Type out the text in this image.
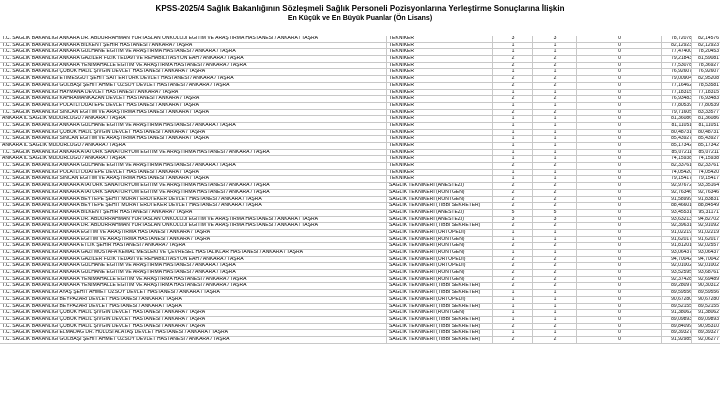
KPSS-2025/4 Sağlık Bakanlığının Sözleşmeli Sağlık Personeli Pozisyonlarına Yerleştirme Sonuçlarına İlişkin
En Küçük ve En Büyük Puanlar (Ön Lisans)
T.C. SAĞLIK BAKANLIĞI ANKARA DR. ABDURRAHMAN YURTASLAN ONKOLOJİ EĞİTİM VE ARAŞTIRMA HASTANESİ / ANKARA / TAŞRA	TEKNİKER	3	3	0	78,72078	82,14576
T.C. SAĞLIK BAKANLIĞI ANKARA BİLKENT ŞEHİR HASTANESİ / ANKARA / TAŞRA	TEKNİKER	1	1	0	82,12923	82,12923
T.C. SAĞLIK BAKANLIĞI ANKARA GÜLHANE EĞİTİM VE ARAŞTIRMA HASTANESİ / ANKARA / TAŞRA	TEKNİKER	1	1	0	77,47400	78,20453
T.C. SAĞLIK BAKANLIĞI ANKARA GAZİLER FİZİK TEDAVİ VE REHABİLİTASYON EAH / ANKARA / TAŞRA	TEKNİKER	2	2	0	79,21843	81,59081
T.C. SAĞLIK BAKANLIĞI ANKARA YENİMAHALLE EĞİTİM VE ARAŞTIRMA HASTANESİ / ANKARA / TAŞRA	TEKNİKER	2	2	0	77,53078	78,36927
T.C. SAĞLIK BAKANLIĞI ÇUBUK HALİL ŞIVGIN DEVLET HASTANESİ / ANKARA / TAŞRA	TEKNİKER	1	1	0	76,92607	76,92607
T.C. SAĞLIK BAKANLIĞI ETİMESGUT ŞEHİT SAİT ERTÜRK DEVLET HASTANESİ / ANKARA / TAŞRA	TEKNİKER	2	2	0	79,00904	82,95208
T.C. SAĞLIK BAKANLIĞI GÖLBAŞI ŞEHİT AHMET ÖZSOY DEVLET HASTANESİ / ANKARA / TAŞRA	TEKNİKER	2	2	0	77,16462	78,53581
T.C. SAĞLIK BAKANLIĞI HAYMANA DEVLET HASTANESİ / ANKARA / TAŞRA	TEKNİKER	1	1	0	77,18315	77,18315
T.C. SAĞLIK BAKANLIĞI KAHRAMANKAZAN DEVLET HASTANESİ / ANKARA / TAŞRA	TEKNİKER	2	2	0	76,93483	76,93483
T.C. SAĞLIK BAKANLIĞI POLATLI DUATEPE DEVLET HASTANESİ / ANKARA / TAŞRA	TEKNİKER	1	1	0	77,80539	77,80539
T.C. SAĞLIK BAKANLIĞI SİNCAN EĞİTİM VE ARAŞTIRMA HASTANESİ / ANKARA / TAŞRA	TEKNİKER	2	2	0	79,71605	83,33577
ANKARA İL SAĞLIK MÜDÜRLÜĞÜ / ANKARA / TAŞRA	TEKNİKER	1	1	0	81,36086	81,36086
T.C. SAĞLIK BAKANLIĞI ANKARA GÜLHANE EĞİTİM VE ARAŞTIRMA HASTANESİ / ANKARA / TAŞRA	TEKNİKER	1	1	0	81,11051	81,11051
T.C. SAĞLIK BAKANLIĞI ÇUBUK HALİL ŞIVGIN DEVLET HASTANESİ / ANKARA / TAŞRA	TEKNİKER	1	1	0	80,48731	80,48731
T.C. SAĞLIK BAKANLIĞI SİNCAN EĞİTİM VE ARAŞTIRMA HASTANESİ / ANKARA / TAŞRA	TEKNİKER	1	1	0	85,43927	85,43927
ANKARA İL SAĞLIK MÜDÜRLÜĞÜ / ANKARA / TAŞRA	TEKNİKER	1	1	0	85,17342	85,17342
T.C. SAĞLIK BAKANLIĞI ANKARA ATATÜRK SANATORYUM EĞİTİM VE ARAŞTIRMA HASTANESİ / ANKARA / TAŞRA	TEKNİKER	1	1	0	85,07211	85,07211
ANKARA İL SAĞLIK MÜDÜRLÜĞÜ / ANKARA / TAŞRA	TEKNİKER	1	1	0	74,15938	74,15938
T.C. SAĞLIK BAKANLIĞI ANKARA GÜLHANE EĞİTİM VE ARAŞTIRMA HASTANESİ / ANKARA / TAŞRA	TEKNİKER	2	2	0	82,33761	82,33761
T.C. SAĞLIK BAKANLIĞI POLATLI DUATEPE DEVLET HASTANESİ / ANKARA / TAŞRA	TEKNİKER	1	1	0	74,05420	74,05420
T.C. SAĞLIK BAKANLIĞI SİNCAN EĞİTİM VE ARAŞTIRMA HASTANESİ / ANKARA / TAŞRA	TEKNİKER	1	1	0	79,15417	79,15417
T.C. SAĞLIK BAKANLIĞI ANKARA ATATÜRK SANATORYUM EĞİTİM VE ARAŞTIRMA HASTANESİ / ANKARA / TAŞRA	SAĞLIK TEKNİKERİ (ANESTEZİ)	2	2	0	92,97672	93,35164
T.C. SAĞLIK BAKANLIĞI ANKARA ATATÜRK SANATORYUM EĞİTİM VE ARAŞTIRMA HASTANESİ / ANKARA / TAŞRA	SAĞLIK TEKNİKERİ (RÖNTGEN)	2	2	0	92,76346	92,76346
T.C. SAĞLIK BAKANLIĞI ANKARA BEYTEPE ŞEHİT MURAT ERDİ EKER DEVLET HASTANESİ / ANKARA / TAŞRA	SAĞLIK TEKNİKERİ (RÖNTGEN)	2	2	0	91,58999	91,83831
T.C. SAĞLIK BAKANLIĞI ANKARA BEYTEPE ŞEHİT MURAT ERDİ EKER DEVLET HASTANESİ / ANKARA / TAŞRA	SAĞLIK TEKNİKERİ (TIBBİ SEKRETER)	2	2	0	88,46601	88,84549
T.C. SAĞLIK BAKANLIĞI ANKARA BİLKENT ŞEHİR HASTANESİ / ANKARA / TAŞRA	SAĞLIK TEKNİKERİ (ANESTEZİ)	5	5	0	93,45531	95,31171
T.C. SAĞLIK BAKANLIĞI ANKARA DR. ABDURRAHMAN YURTASLAN ONKOLOJİ EĞİTİM VE ARAŞTIRMA HASTANESİ / ANKARA / TAŞRA	SAĞLIK TEKNİKERİ (ANESTEZİ)	3	3	0	93,63213	94,82702
T.C. SAĞLIK BAKANLIĞI ANKARA DR. ABDURRAHMAN YURTASLAN ONKOLOJİ EĞİTİM VE ARAŞTIRMA HASTANESİ / ANKARA / TAŞRA	SAĞLIK TEKNİKERİ (TIBBİ SEKRETER)	2	2	0	92,39631	92,91092
T.C. SAĞLIK BAKANLIĞI ANKARA EĞİTİM VE ARAŞTIRMA HASTANESİ / ANKARA / TAŞRA	SAĞLIK TEKNİKERİ (ORTOPEDİ)	1	1	0	91,02219	91,02219
T.C. SAĞLIK BAKANLIĞI ANKARA EĞİTİM VE ARAŞTIRMA HASTANESİ / ANKARA / TAŞRA	SAĞLIK TEKNİKERİ (RÖNTGEN)	1	1	0	91,62017	91,62017
T.C. SAĞLIK BAKANLIĞI ANKARA ETLİK ŞEHİR HASTANESİ / ANKARA / TAŞRA	SAĞLIK TEKNİKERİ (RÖNTGEN)	2	2	0	91,81201	92,02557
T.C. SAĞLIK BAKANLIĞI ANKARA GAZİ MUSTAFA KEMAL MESLEKİ VE ÇEVRESEL HASTALIKLAR HASTANESİ / ANKARA / TAŞRA	SAĞLIK TEKNİKERİ (RÖNTGEN)	1	1	0	93,06437	93,06437
T.C. SAĞLIK BAKANLIĞI ANKARA GAZİLER FİZİK TEDAVİ VE REHABİLİTASYON EAH / ANKARA / TAŞRA	SAĞLIK TEKNİKERİ (ORTOPEDİ)	2	2	0	94,70042	94,70042
T.C. SAĞLIK BAKANLIĞI ANKARA GÜLHANE EĞİTİM VE ARAŞTIRMA HASTANESİ / ANKARA / TAŞRA	SAĞLIK TEKNİKERİ (ORTOPEDİ)	2	2	0	92,01002	92,01002
T.C. SAĞLIK BAKANLIĞI ANKARA GÜLHANE EĞİTİM VE ARAŞTIRMA HASTANESİ / ANKARA / TAŞRA	SAĞLIK TEKNİKERİ (RÖNTGEN)	2	2	0	93,52595	93,68761
T.C. SAĞLIK BAKANLIĞI ANKARA YENİMAHALLE EĞİTİM VE ARAŞTIRMA HASTANESİ / ANKARA / TAŞRA	SAĞLIK TEKNİKERİ (RÖNTGEN)	2	2	0	92,37428	92,69489
T.C. SAĞLIK BAKANLIĞI ANKARA YENİMAHALLE EĞİTİM VE ARAŞTIRMA HASTANESİ / ANKARA / TAŞRA	SAĞLIK TEKNİKERİ (TIBBİ SEKRETER)	2	2	0	89,28097	90,30312
T.C. SAĞLIK BAKANLIĞI AYAŞ ŞEHİT AHMET ÖZSOY DEVLET HASTANESİ / ANKARA / TAŞRA	SAĞLIK TEKNİKERİ (TIBBİ SEKRETER)	1	1	0	89,59556	89,59556
T.C. SAĞLIK BAKANLIĞI BEYPAZARI DEVLET HASTANESİ / ANKARA / TAŞRA	SAĞLIK TEKNİKERİ (ORTOPEDİ)	1	1	0	90,67280	90,67280
T.C. SAĞLIK BAKANLIĞI BEYPAZARI DEVLET HASTANESİ / ANKARA / TAŞRA	SAĞLIK TEKNİKERİ (TIBBİ SEKRETER)	1	1	0	89,52155	89,52155
T.C. SAĞLIK BAKANLIĞI ÇUBUK HALİL ŞIVGIN DEVLET HASTANESİ / ANKARA / TAŞRA	SAĞLIK TEKNİKERİ (RÖNTGEN)	1	1	0	91,38062	91,38062
T.C. SAĞLIK BAKANLIĞI ÇUBUK HALİL ŞIVGIN DEVLET HASTANESİ / ANKARA / TAŞRA	SAĞLIK TEKNİKERİ (TIBBİ SEKRETER)	1	1	0	89,09893	89,09893
T.C. SAĞLIK BAKANLIĞI ÇUBUK HALİL ŞIVGIN DEVLET HASTANESİ / ANKARA / TAŞRA	SAĞLIK TEKNİKERİ (TIBBİ SEKRETER)	2	2	0	89,84099	90,95310
T.C. SAĞLIK BAKANLIĞI ELMADAĞ DR. HULUSİ ALATAŞ DEVLET HASTANESİ / ANKARA / TAŞRA	SAĞLIK TEKNİKERİ (TIBBİ SEKRETER)	1	1	0	89,39327	89,39327
T.C. SAĞLIK BAKANLIĞI GÖLBAŞI ŞEHİT AHMET ÖZSOY DEVLET HASTANESİ / ANKARA / TAŞRA	SAĞLIK TEKNİKERİ (TIBBİ SEKRETER)	2	2	0	91,92985	92,06277
